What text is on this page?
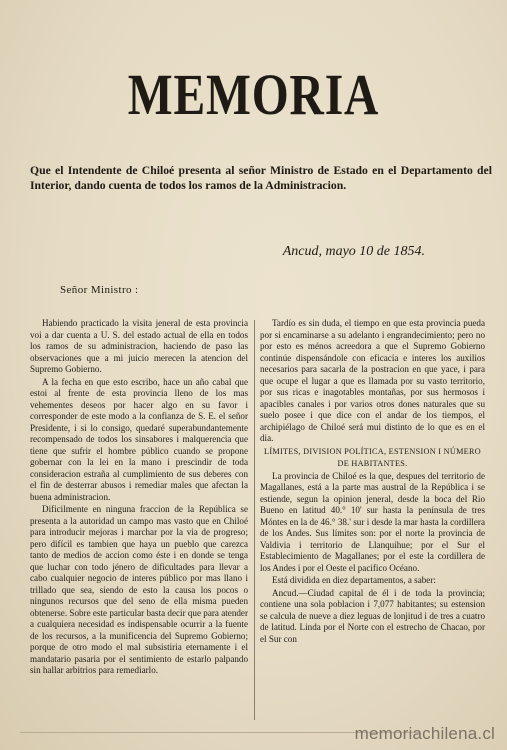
MEMORIA
Que el Intendente de Chiloé presenta al señor Ministro de Estado en el Departamento del Interior, dando cuenta de todos los ramos de la Administracion.
Ancud, mayo 10 de 1854.
Señor Ministro :

Habiendo practicado la visita jeneral de esta provincia voi a dar cuenta a U. S. del estado actual de ella en todos los ramos de su administracion, haciendo de paso las observaciones que a mi juicio merecen la atencion del Supremo Gobierno.

A la fecha en que esto escribo, hace un año cabal que estoi al frente de esta provincia lleno de los mas vehementes deseos por hacer algo en su favor i corresponder de este modo a la confianza de S. E. el señor Presidente, i si lo consigo, quedaré superabundantemente recompensado de todos los sinsabores i malquerencia que tiene que sufrir el hombre público cuando se propone gobernar con la lei en la mano i prescindir de toda consideracion estraña al cumplimiento de sus deberes con el fin de desterrar abusos i remediar males que afectan la buena administracion.

Dificilmente en ninguna fraccion de la República se presenta a la autoridad un campo mas vasto que en Chiloé para introducir mejoras i marchar por la via de progreso; pero difícil es tambien que haya un pueblo que carezca tanto de medios de accion como éste i en donde se tenga que luchar con todo jénero de dificultades para llevar a cabo cualquier negocio de interes público por mas llano i trillado que sea, siendo de esto la causa los pocos o ningunos recursos que del seno de ella misma pueden obtenerse. Sobre este particular basta decir que para atender a cualquiera necesidad es indispensable ocurrir a la fuente de los recursos, a la munificencia del Supremo Gobierno; porque de otro modo el mal subsistiria eternamente i el mandatario pasaria por el sentimiento de estarlo palpando sin hallar arbitrios para remediarlo.

Tardío es sin duda, el tiempo en que esta provincia pueda por si encaminarse a su adelanto i engrandecimiento; pero no por esto es ménos acreedora a que el Supremo Gobierno continúe dispensándole con eficacia e interes los auxilios necesarios para sacarla de la postracion en que yace, i para que ocupe el lugar a que es llamada por su vasto territorio, por sus ricas e inagotables montañas, por sus hermosos i apacibles canales i por varios otros dones naturales que su suelo posee i que dice con el andar de los tiempos, el archipiélago de Chiloé será mui distinto de lo que es en el dia.

LÍMITES, DIVISION POLÍTICA, ESTENSION I NÚMERO DE HABITANTES.

La provincia de Chiloé es la que, despues del territorio de Magallanes, está a la parte mas austral de la República i se estiende, segun la opinion jeneral, desde la boca del Rio Bueno en latitud 40.° 10' sur hasta la península de tres Móntes en la de 46.° 38.' sur i desde la mar hasta la cordillera de los Andes. Sus límites son: por el norte la provincia de Valdivia i territorio de Llanquihue; por el Sur el Establecimiento de Magallanes; por el este la cordillera de los Andes i por el Oeste el pacifico Océano.

Está dividida en diez departamentos, a saber:

Ancud.—Ciudad capital de él i de toda la provincia; contiene una sola poblacion i 7,077 habitantes; su estension se calcula de nueve a diez leguas de lonjitud i de tres a cuatro de latitud. Linda por el Norte con el estrecho de Chacao, por el Sur con

memoriachilena.cl
